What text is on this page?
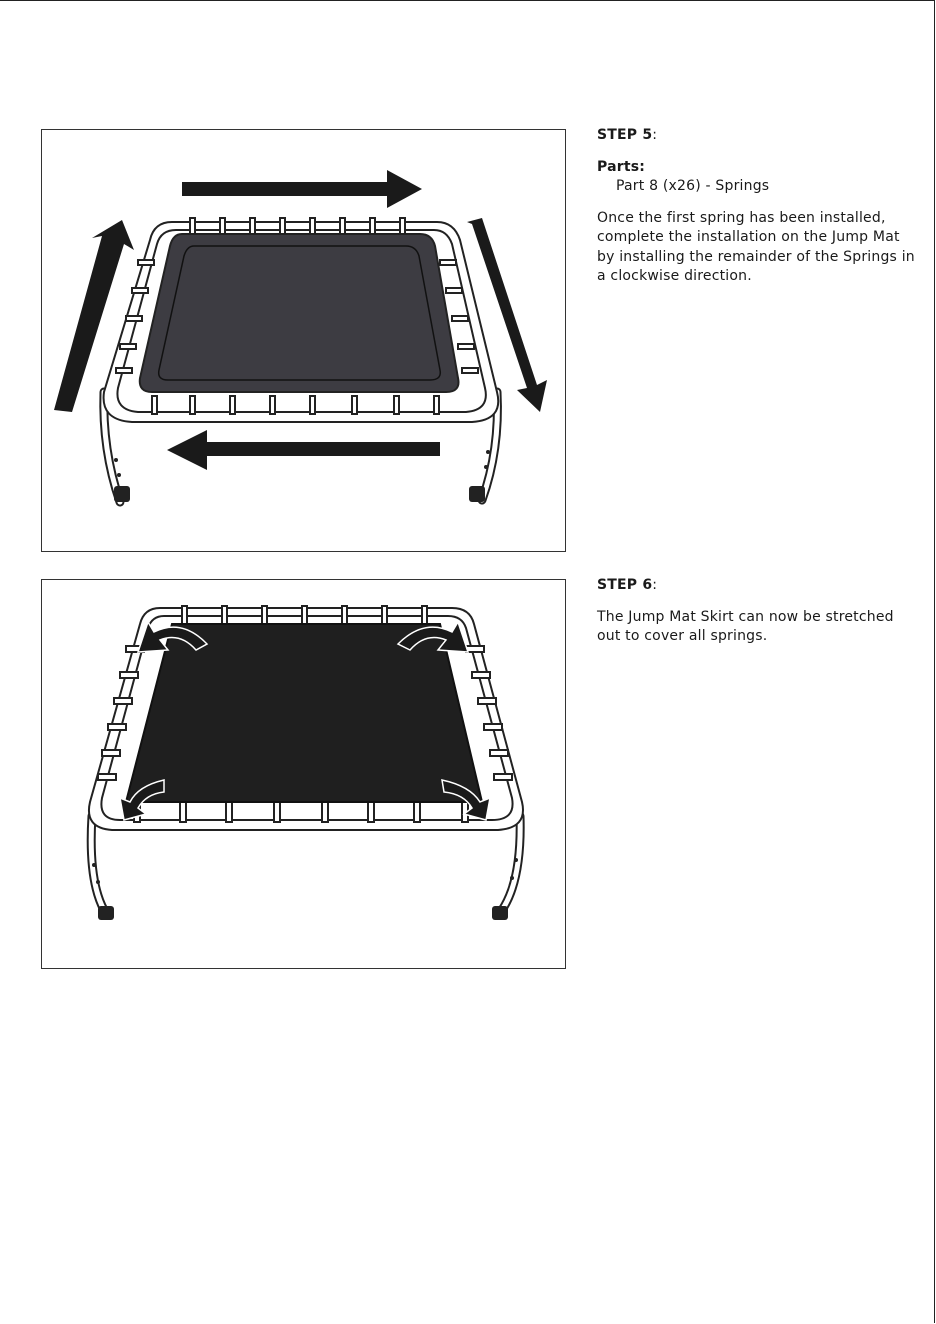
STEP 5:

Parts:

Part 8 (x26) - Springs

Once the first spring has been installed, complete the installation on the Jump Mat by installing the remainder of the Springs in a clockwise direction.

STEP 6:

The Jump Mat Skirt can now be stretched out to cover all springs.
